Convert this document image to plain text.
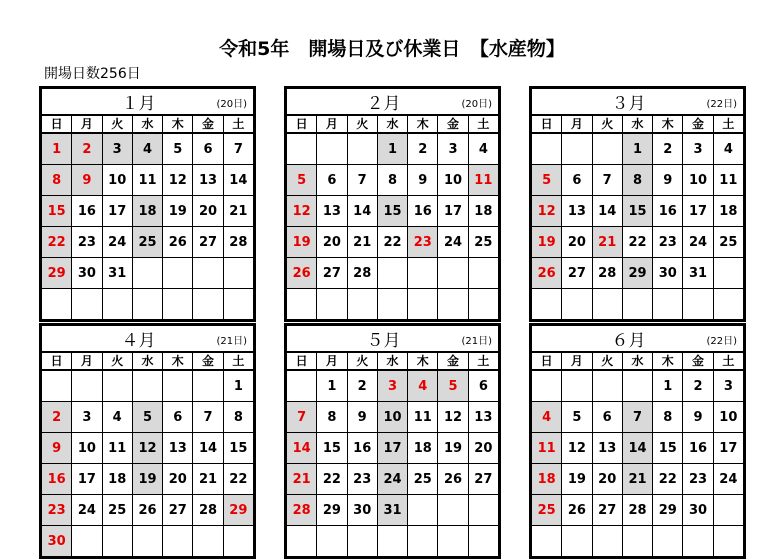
令和5年　開場日及び休業日　【水産物】
開場日数256日
１月 (20日)						

日	月	火	水	木	金	土
1	2	3	4	5	6	7
8	9	10	11	12	13	14
15	16	17	18	19	20	21
22	23	24	25	26	27	28
29	30	31				

２月 (20日)						

日	月	火	水	木	金	土
			1	2	3	4
5	6	7	8	9	10	11
12	13	14	15	16	17	18
19	20	21	22	23	24	25
26	27	28				

３月 (22日)						

日	月	火	水	木	金	土
			1	2	3	4
5	6	7	8	9	10	11
12	13	14	15	16	17	18
19	20	21	22	23	24	25
26	27	28	29	30	31	

４月 (21日)						

日	月	火	水	木	金	土
						1
2	3	4	5	6	7	8
9	10	11	12	13	14	15
16	17	18	19	20	21	22
23	24	25	26	27	28	29
30						
５月 (21日)						

日	月	火	水	木	金	土
	1	2	3	4	5	6
7	8	9	10	11	12	13
14	15	16	17	18	19	20
21	22	23	24	25	26	27
28	29	30	31			

６月 (22日)						

日	月	火	水	木	金	土
				1	2	3
4	5	6	7	8	9	10
11	12	13	14	15	16	17
18	19	20	21	22	23	24
25	26	27	28	29	30	
